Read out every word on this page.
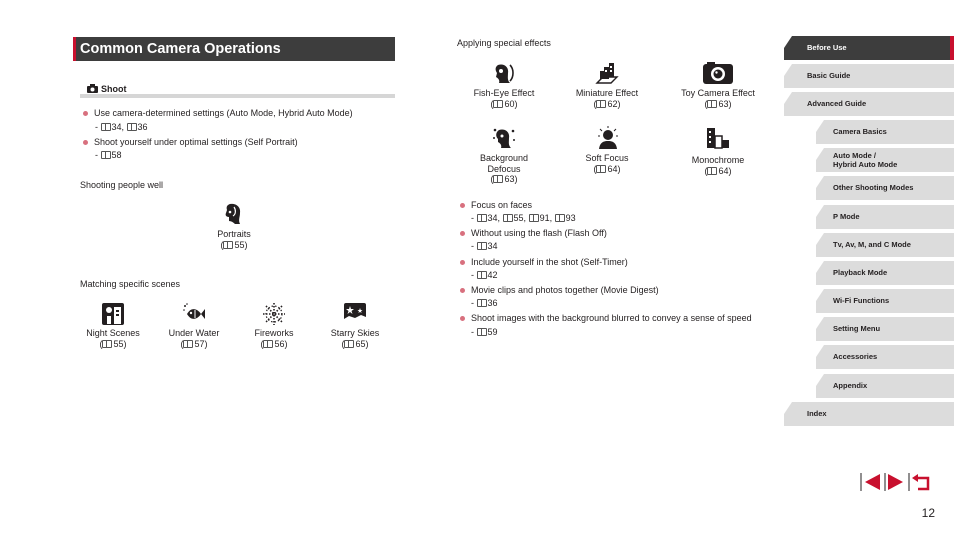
Common Camera Operations
Shoot
Use camera-determined settings (Auto Mode, Hybrid Auto Mode)
- 34, 36
Shoot yourself under optimal settings (Self Portrait)
- 58
Shooting people well
Portraits
( 55)
Matching specific scenes
Night Scenes
( 55)
Under Water
( 57)
Fireworks
( 56)
Starry Skies
( 65)
Applying special effects
Fish-Eye Effect
( 60)
Miniature Effect
( 62)
Toy Camera Effect
( 63)
Background
Defocus
( 63)
Soft Focus
( 64)
Monochrome
( 64)
Focus on faces
- 34, 55, 91, 93
Without using the flash (Flash Off)
- 34
Include yourself in the shot (Self-Timer)
- 42
Movie clips and photos together (Movie Digest)
- 36
Shoot images with the background blurred to convey a sense of speed
- 59
Before Use
Basic Guide
Advanced Guide
Camera Basics
Auto Mode /
Hybrid Auto Mode
Other Shooting Modes
P Mode
Tv, Av, M, and C Mode
Playback Mode
Wi-Fi Functions
Setting Menu
Accessories
Appendix
Index
12
